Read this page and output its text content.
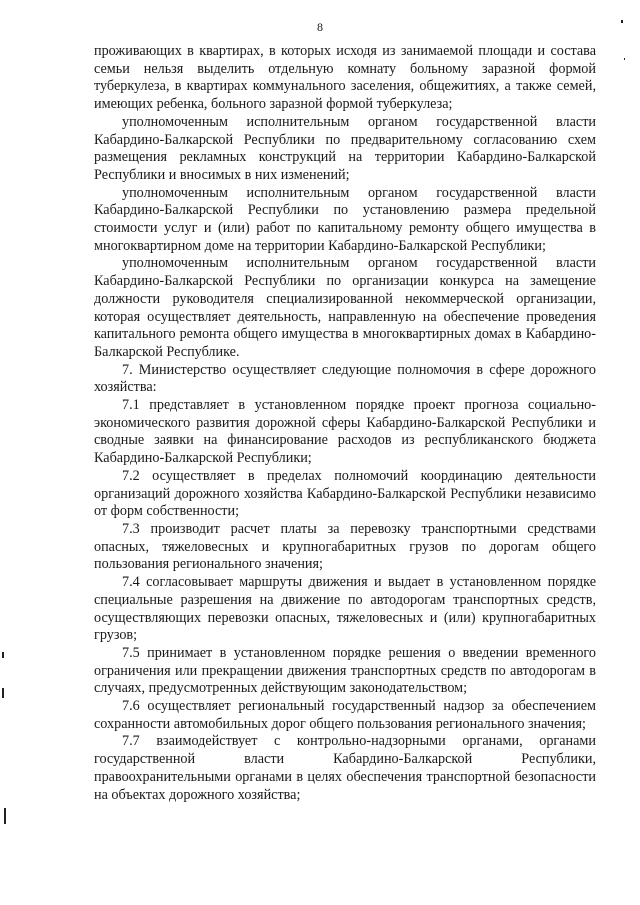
8

проживающих в квартирах, в которых исходя из занимаемой площади и состава семьи нельзя выделить отдельную комнату больному заразной формой туберкулеза, в квартирах коммунального заселения, общежитиях, а также семей, имеющих ребенка, больного заразной формой туберкулеза;

уполномоченным исполнительным органом государственной власти Кабардино-Балкарской Республики по предварительному согласованию схем размещения рекламных конструкций на территории Кабардино-Балкарской Республики и вносимых в них изменений;

уполномоченным исполнительным органом государственной власти Кабардино-Балкарской Республики по установлению размера предельной стоимости услуг и (или) работ по капитальному ремонту общего имущества в многоквартирном доме на территории Кабардино-Балкарской Республики;

уполномоченным исполнительным органом государственной власти Кабардино-Балкарской Республики по организации конкурса на замещение должности руководителя специализированной некоммерческой организации, которая осуществляет деятельность, направленную на обеспечение проведения капитального ремонта общего имущества в многоквартирных домах в Кабардино-Балкарской Республике.

7. Министерство осуществляет следующие полномочия в сфере дорожного хозяйства:

7.1 представляет в установленном порядке проект прогноза социально-экономического развития дорожной сферы Кабардино-Балкарской Республики и сводные заявки на финансирование расходов из республиканского бюджета Кабардино-Балкарской Республики;

7.2 осуществляет в пределах полномочий координацию деятельности организаций дорожного хозяйства Кабардино-Балкарской Республики независимо от форм собственности;

7.3 производит расчет платы за перевозку транспортными средствами опасных, тяжеловесных и крупногабаритных грузов по дорогам общего пользования регионального значения;

7.4 согласовывает маршруты движения и выдает в установленном порядке специальные разрешения на движение по автодорогам транспортных средств, осуществляющих перевозки опасных, тяжеловесных и (или) крупногабаритных грузов;

7.5 принимает в установленном порядке решения о введении временного ограничения или прекращении движения транспортных средств по автодорогам в случаях, предусмотренных действующим законодательством;

7.6 осуществляет региональный государственный надзор за обеспечением сохранности автомобильных дорог общего пользования регионального значения;

7.7 взаимодействует с контрольно-надзорными органами, органами государственной власти Кабардино-Балкарской Республики, правоохранительными органами в целях обеспечения транспортной безопасности на объектах дорожного хозяйства;
